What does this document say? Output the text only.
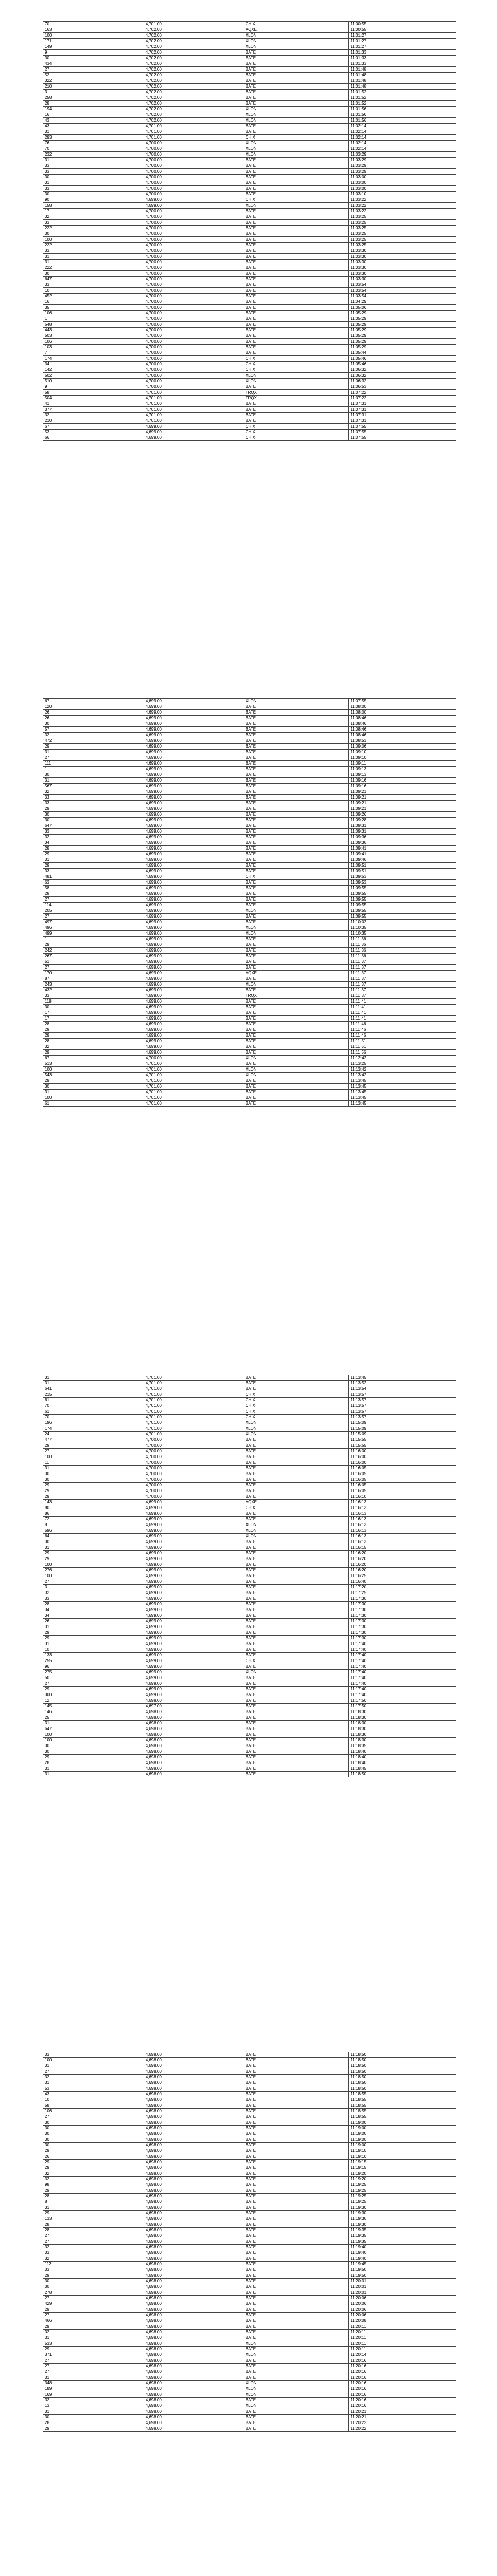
70	4,701.00	CHIX	11:00:55
163	4,702.00	AQXE	11:00:55
100	4,702.00	XLON	11:01:27
171	4,702.00	XLON	11:01:27
149	4,702.00	XLON	11:01:27
9	4,702.00	BATE	11:01:33
30	4,702.00	BATE	11:01:33
434	4,702.00	BATE	11:01:33
27	4,702.00	BATE	11:01:48
52	4,702.00	BATE	11:01:48
322	4,702.00	BATE	11:01:48
210	4,702.00	BATE	11:01:48
3	4,702.00	BATE	11:01:52
258	4,702.00	BATE	11:01:52
28	4,702.00	BATE	11:01:52
194	4,702.00	XLON	11:01:56
16	4,702.00	XLON	11:01:56
43	4,702.00	XLON	11:01:56
43	4,701.00	BATE	11:02:14
31	4,701.00	BATE	11:02:14
293	4,701.00	CHIX	11:02:14
76	4,700.00	XLON	11:02:14
70	4,700.00	XLON	11:02:14
232	4,700.00	XLON	11:03:29
31	4,700.00	BATE	11:03:29
33	4,700.00	BATE	11:03:29
33	4,700.00	BATE	11:03:29
30	4,700.00	BATE	11:03:00
31	4,700.00	BATE	11:03:00
33	4,700.00	BATE	11:03:00
30	4,700.00	BATE	11:03:10
90	4,699.00	CHIX	11:03:22
158	4,699.00	XLON	11:03:22
17	4,700.00	BATE	11:03:22
32	4,700.00	BATE	11:03:25
33	4,700.00	BATE	11:03:25
222	4,700.00	BATE	11:03:25
30	4,700.00	BATE	11:03:25
100	4,700.00	BATE	11:03:25
222	4,700.00	BATE	11:03:25
33	4,700.00	BATE	11:03:30
31	4,700.00	BATE	11:03:30
31	4,700.00	BATE	11:03:30
222	4,700.00	BATE	11:03:30
30	4,700.00	BATE	11:03:30
647	4,700.00	BATE	11:03:30
33	4,700.00	BATE	11:03:54
10	4,700.00	BATE	11:03:54
452	4,700.00	BATE	11:03:54
16	4,700.00	BATE	11:04:29
35	4,700.00	BATE	11:05:06
106	4,700.00	BATE	11:05:29
1	4,700.00	BATE	11:05:29
548	4,700.00	BATE	11:05:29
443	4,700.00	BATE	11:05:29
503	4,700.00	BATE	11:05:29
106	4,700.00	BATE	11:05:29
103	4,700.00	BATE	11:05:29
7	4,700.00	BATE	11:05:44
174	4,700.00	CHIX	11:05:46
34	4,700.00	CHIX	11:05:46
142	4,700.00	CHIX	11:06:32
502	4,700.00	XLON	11:06:32
510	4,700.00	XLON	11:06:32
9	4,700.00	BATE	11:06:53
58	4,701.00	TRQX	11:07:22
504	4,701.00	TRQX	11:07:22
41	4,701.00	BATE	11:07:31
377	4,701.00	BATE	11:07:31
32	4,701.00	BATE	11:07:31
210	4,701.00	BATE	11:07:31
67	4,699.00	CHIX	11:07:55
53	4,699.00	CHIX	11:07:55
66	4,699.00	CHIX	11:07:55
67	4,699.00	XLON	11:07:55
120	4,699.00	BATE	11:08:00
26	4,699.00	BATE	11:08:00
26	4,699.00	BATE	11:08:46
30	4,699.00	BATE	11:08:46
57	4,699.00	BATE	11:08:46
32	4,699.00	BATE	11:08:46
472	4,699.00	BATE	11:08:53
29	4,699.00	BATE	11:09:06
31	4,699.00	BATE	11:09:10
27	4,699.00	BATE	11:09:10
111	4,699.00	BATE	11:09:11
1	4,699.00	BATE	11:09:13
30	4,699.00	BATE	11:09:13
31	4,699.00	BATE	11:09:16
567	4,699.00	BATE	11:09:16
32	4,699.00	BATE	11:09:21
33	4,699.00	BATE	11:09:21
33	4,699.00	BATE	11:09:21
29	4,699.00	BATE	11:09:21
30	4,699.00	BATE	11:09:26
30	4,699.00	BATE	11:09:28
647	4,699.00	BATE	11:09:31
33	4,699.00	BATE	11:09:31
32	4,699.00	BATE	11:09:36
34	4,699.00	BATE	11:09:36
28	4,699.00	BATE	11:09:41
29	4,699.00	BATE	11:09:41
31	4,699.00	BATE	11:09:46
29	4,699.00	BATE	11:09:51
33	4,699.00	BATE	11:09:51
481	4,699.00	CHIX	11:09:53
63	4,699.00	BATE	11:09:53
58	4,699.00	BATE	11:09:55
28	4,699.00	BATE	11:09:55
27	4,699.00	BATE	11:09:55
114	4,699.00	BATE	11:09:55
205	4,699.00	XLON	11:09:55
27	4,699.00	BATE	11:09:55
497	4,699.00	BATE	11:10:02
496	4,699.00	XLON	11:10:35
499	4,699.00	XLON	11:10:35
1	4,699.00	BATE	11:11:36
29	4,699.00	BATE	11:11:36
242	4,699.00	BATE	11:11:36
267	4,699.00	BATE	11:11:36
51	4,699.00	BATE	11:11:37
27	4,699.00	BATE	11:11:37
170	4,699.00	AQXE	11:11:37
87	4,699.00	BATE	11:11:37
243	4,699.00	XLON	11:11:37
432	4,699.00	BATE	11:11:37
33	4,699.00	TRQX	11:11:37
118	4,699.00	BATE	11:11:41
30	4,699.00	BATE	11:11:41
17	4,699.00	BATE	11:11:41
17	4,699.00	BATE	11:11:41
28	4,699.00	BATE	11:11:46
29	4,699.00	BATE	11:11:46
29	4,699.00	BATE	11:11:46
28	4,699.00	BATE	11:11:51
32	4,699.00	BATE	11:11:51
29	4,699.00	BATE	11:11:56
67	4,700.00	XLON	11:12:42
513	4,701.00	BATE	11:13:25
100	4,701.00	XLON	11:13:42
543	4,701.00	XLON	11:13:42
29	4,701.00	BATE	11:13:45
30	4,701.00	BATE	11:13:45
31	4,701.00	BATE	11:13:45
100	4,701.00	BATE	11:13:45
61	4,701.00	BATE	11:13:45
31	4,701.00	BATE	11:13:45
31	4,701.00	BATE	11:13:52
641	4,701.00	BATE	11:13:54
215	4,701.00	CHIX	11:13:57
61	4,701.00	CHIX	11:13:57
70	4,701.00	CHIX	11:13:57
61	4,701.00	CHIX	11:13:57
70	4,701.00	CHIX	11:13:57
196	4,701.00	XLON	11:15:09
174	4,701.00	XLON	11:15:09
24	4,701.00	XLON	11:15:09
477	4,700.00	BATE	11:15:55
29	4,700.00	BATE	11:15:55
27	4,700.00	BATE	11:16:00
100	4,700.00	BATE	11:16:00
11	4,700.00	BATE	11:16:00
31	4,700.00	BATE	11:16:05
30	4,700.00	BATE	11:16:05
30	4,700.00	BATE	11:16:05
29	4,700.00	BATE	11:16:05
29	4,700.00	BATE	11:16:05
29	4,700.00	BATE	11:16:10
143	4,699.00	AQXE	11:16:13
80	4,699.00	CHIX	11:16:13
86	4,699.00	BATE	11:16:13
72	4,699.00	BATE	11:16:13
8	4,699.00	XLON	11:16:13
596	4,699.00	XLON	11:16:13
64	4,699.00	XLON	11:16:13
30	4,699.00	BATE	11:16:13
31	4,699.00	BATE	11:16:15
29	4,699.00	BATE	11:16:20
29	4,699.00	BATE	11:16:20
100	4,699.00	BATE	11:16:20
276	4,699.00	BATE	11:16:20
100	4,699.00	BATE	11:16:25
27	4,699.00	BATE	11:16:40
3	4,699.00	BATE	11:17:20
32	4,699.00	BATE	11:17:25
33	4,699.00	BATE	11:17:30
28	4,699.00	BATE	11:17:30
34	4,699.00	BATE	11:17:30
34	4,699.00	BATE	11:17:30
26	4,699.00	BATE	11:17:30
31	4,699.00	BATE	11:17:30
29	4,699.00	BATE	11:17:30
29	4,699.00	BATE	11:17:30
31	4,699.00	BATE	11:17:40
10	4,699.00	BATE	11:17:40
133	4,699.00	BATE	11:17:40
255	4,699.00	CHIX	11:17:40
96	4,699.00	BATE	11:17:40
275	4,699.00	XLON	11:17:40
50	4,699.00	BATE	11:17:40
27	4,699.00	BATE	11:17:40
29	4,699.00	BATE	11:17:40
300	4,699.00	BATE	11:17:40
12	4,698.00	BATE	11:17:50
145	4,697.00	BATE	11:17:50
146	4,698.00	BATE	11:18:30
25	4,698.00	BATE	11:18:30
31	4,698.00	BATE	11:18:30
647	4,698.00	BATE	11:18:30
100	4,698.00	BATE	11:18:30
100	4,698.00	BATE	11:18:30
30	4,698.00	BATE	11:18:35
30	4,698.00	BATE	11:18:40
29	4,698.00	BATE	11:18:40
28	4,698.00	BATE	11:18:40
31	4,698.00	BATE	11:18:45
31	4,698.00	BATE	11:18:50
33	4,698.00	BATE	11:18:50
100	4,698.00	BATE	11:18:50
31	4,698.00	BATE	11:18:50
27	4,698.00	BATE	11:18:50
32	4,698.00	BATE	11:18:50
31	4,698.00	BATE	11:18:50
53	4,698.00	BATE	11:18:50
43	4,698.00	BATE	11:18:55
10	4,698.00	BATE	11:18:55
58	4,698.00	BATE	11:18:55
106	4,698.00	BATE	11:18:55
27	4,698.00	BATE	11:18:55
30	4,698.00	BATE	11:19:00
30	4,698.00	BATE	11:19:00
30	4,698.00	BATE	11:19:00
30	4,698.00	BATE	11:19:00
30	4,698.00	BATE	11:19:00
29	4,698.00	BATE	11:19:10
26	4,698.00	BATE	11:19:10
29	4,698.00	BATE	11:19:15
29	4,698.00	BATE	11:19:15
32	4,698.00	BATE	11:19:20
32	4,698.00	BATE	11:19:20
98	4,698.00	BATE	11:19:25
29	4,698.00	BATE	11:19:25
28	4,698.00	BATE	11:19:25
8	4,698.00	BATE	11:19:25
31	4,698.00	BATE	11:19:30
29	4,698.00	BATE	11:19:30
133	4,698.00	BATE	11:19:30
28	4,698.00	BATE	11:19:30
28	4,698.00	BATE	11:19:35
27	4,698.00	BATE	11:19:35
27	4,698.00	BATE	11:19:35
32	4,698.00	BATE	11:19:40
33	4,698.00	BATE	11:19:40
32	4,698.00	BATE	11:19:40
112	4,698.00	BATE	11:19:45
33	4,698.00	BATE	11:19:50
29	4,698.00	BATE	11:19:50
30	4,698.00	BATE	11:20:01
30	4,698.00	BATE	11:20:01
278	4,698.00	BATE	11:20:01
27	4,698.00	BATE	11:20:06
429	4,698.00	BATE	11:20:06
29	4,698.00	BATE	11:20:06
27	4,698.00	BATE	11:20:06
466	4,698.00	BATE	11:20:08
29	4,698.00	BATE	11:20:11
32	4,698.00	BATE	11:20:11
31	4,698.00	BATE	11:20:11
533	4,698.00	XLON	11:20:11
29	4,698.00	BATE	11:20:11
371	4,698.00	XLON	11:20:14
27	4,698.00	BATE	11:20:16
27	4,698.00	BATE	11:20:16
27	4,698.00	BATE	11:20:16
31	4,698.00	BATE	11:20:16
348	4,698.00	XLON	11:20:16
189	4,698.00	XLON	11:20:16
169	4,698.00	XLON	11:20:16
32	4,698.00	BATE	11:20:16
13	4,698.00	XLON	11:20:16
31	4,698.00	BATE	11:20:21
30	4,698.00	BATE	11:20:21
28	4,698.00	BATE	11:20:22
29	4,698.00	BATE	11:20:22
